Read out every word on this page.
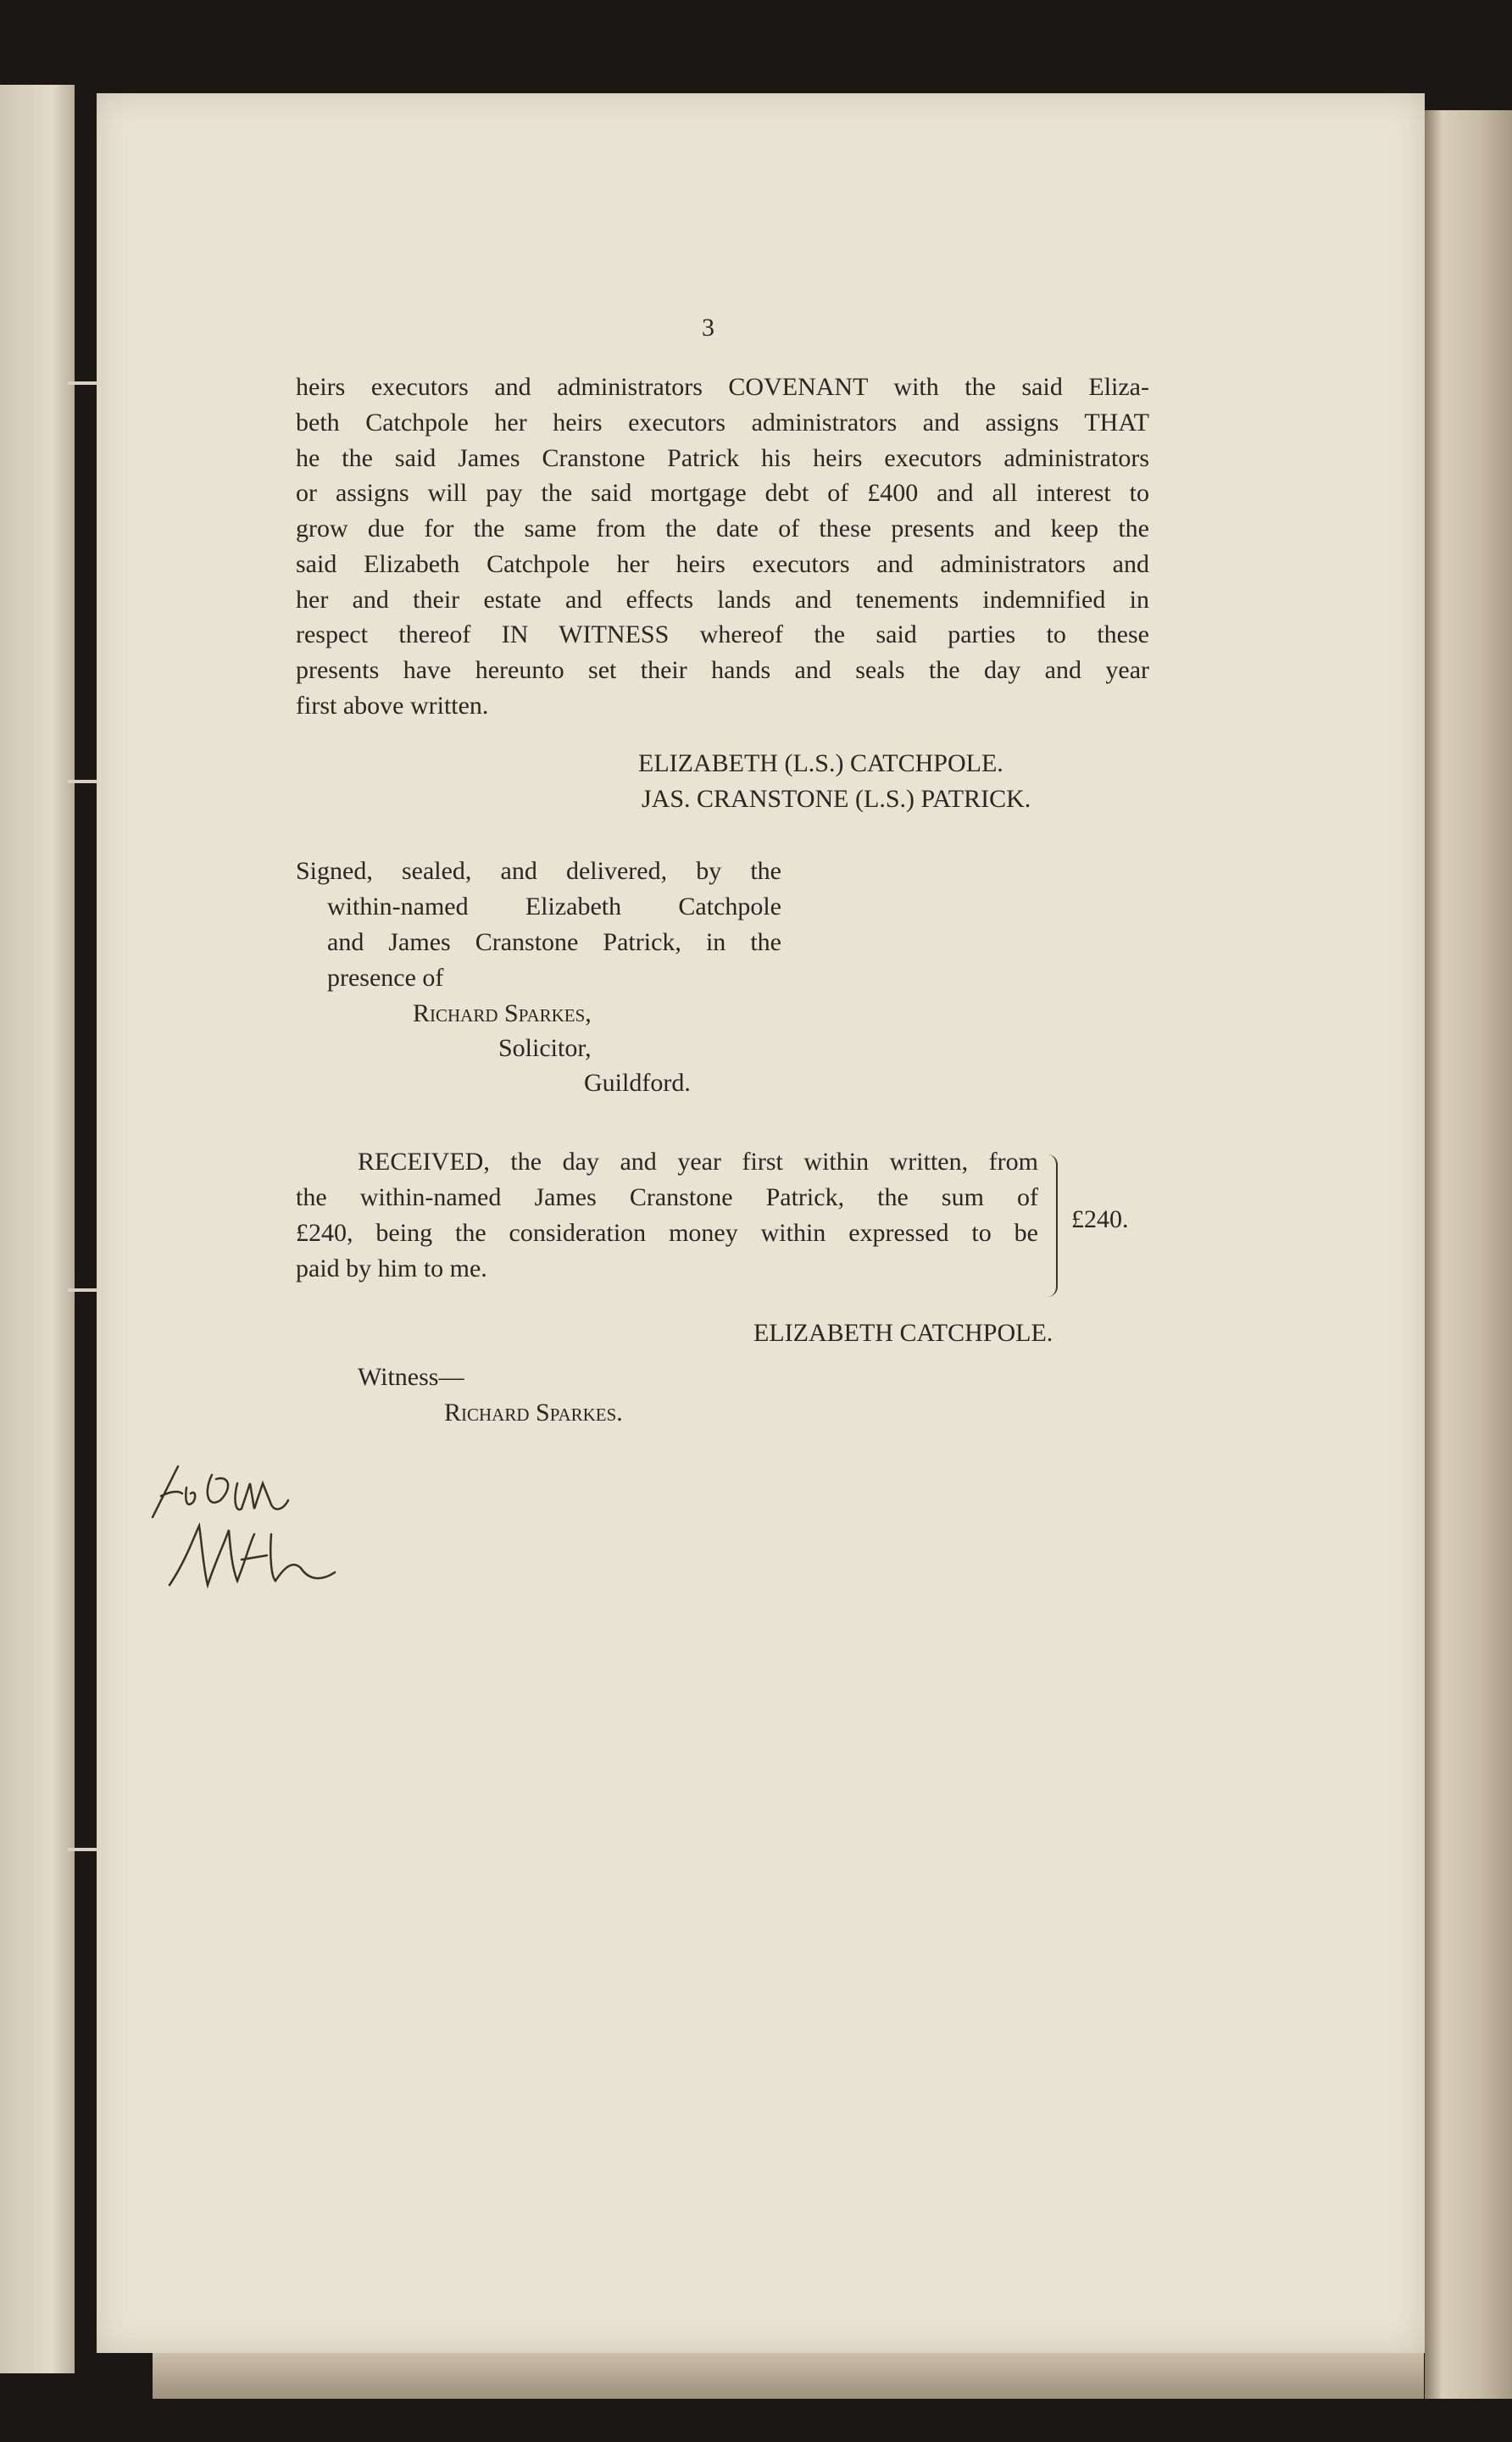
3
heirs executors and administrators COVENANT with the said Eliza-
beth Catchpole her heirs executors administrators and assigns THAT
he the said James Cranstone Patrick his heirs executors administrators
or assigns will pay the said mortgage debt of £400 and all interest to
grow due for the same from the date of these presents and keep the
said Elizabeth Catchpole her heirs executors and administrators and
her and their estate and effects lands and tenements indemnified in
respect thereof IN WITNESS whereof the said parties to these
presents have hereunto set their hands and seals the day and year
first above written.
ELIZABETH (L.S.) CATCHPOLE.
JAS. CRANSTONE (L.S.) PATRICK.
Signed, sealed, and delivered, by the
within-named Elizabeth Catchpole
and James Cranstone Patrick, in the
presence of
Richard Sparkes,
Solicitor,
Guildford.
RECEIVED, the day and year first within written, from
the within-named James Cranstone Patrick, the sum of
£240, being the consideration money within expressed to be
paid by him to me.
£240.
ELIZABETH CATCHPOLE.
Witness—
Richard Sparkes.
